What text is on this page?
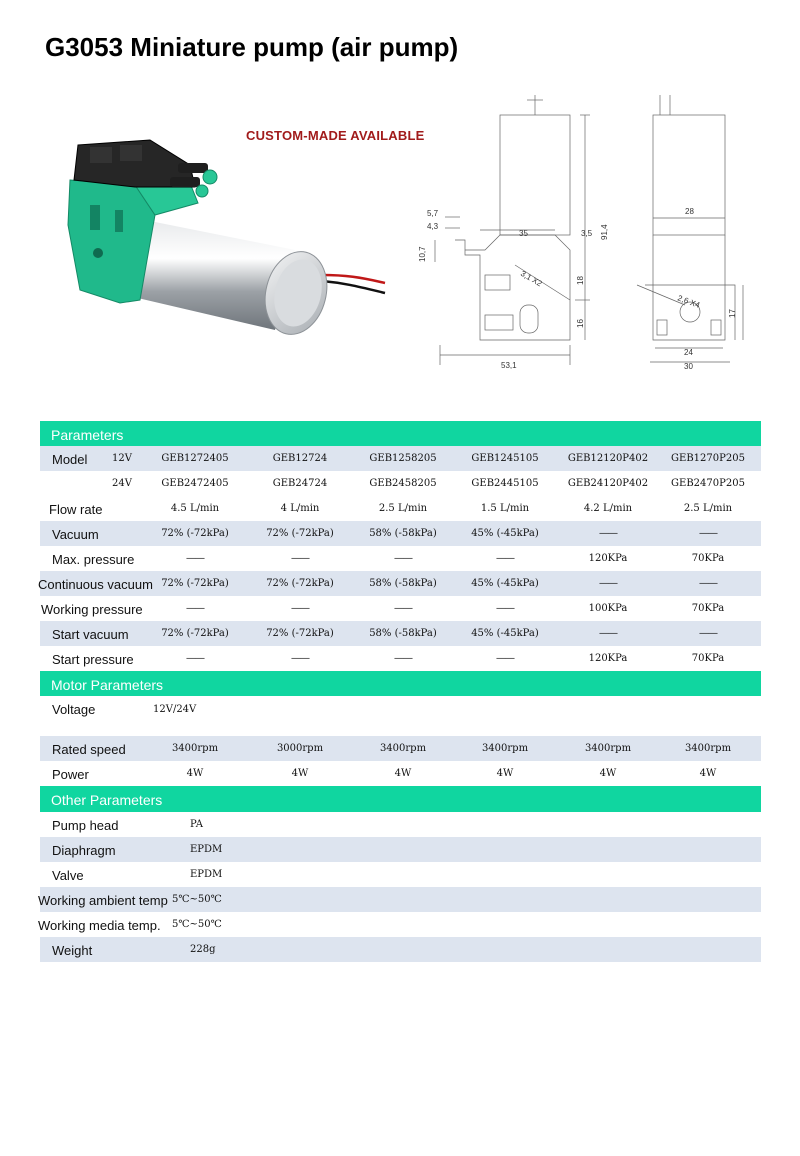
G3053 Miniature pump (air pump)
CUSTOM-MADE AVAILABLE
5,7
4,3
10,7
35	3,5 91,4
3,1 X2	18
16
53,1
28
2,6 X4
17
24
30
Parameters
Model 12V	GEB1272405	GEB12724	GEB1258205	GEB1245105	GEB12120P402	GEB1270P205
24V	GEB2472405	GEB24724	GEB2458205	GEB2445105	GEB24120P402	GEB2470P205
Flow rate	4.5 L/min	4 L/min	2.5 L/min	1.5 L/min	4.2 L/min	2.5 L/min
Vacuum	72% (-72kPa)	72% (-72kPa)	58% (-58kPa)	45% (-45kPa)	——	——
Max. pressure	——	——	——	——	120KPa	70KPa
Continuous vacuum 72% (-72kPa)	72% (-72kPa)	58% (-58kPa)	45% (-45kPa)	——	——
Working pressure	——	——	——	——	100KPa	70KPa
Start vacuum	72% (-72kPa)	72% (-72kPa)	58% (-58kPa)	45% (-45kPa)	——	——
Start pressure	——	——	——	——	120KPa	70KPa
Motor Parameters
Voltage	12V/24V
Rated speed	3400rpm	3000rpm	3400rpm	3400rpm	3400rpm	3400rpm
Power	4W	4W	4W	4W	4W	4W
Other Parameters
Pump head	PA
Diaphragm	EPDM
Valve	EPDM
Working ambient temp 5℃~50℃
Working media temp. 5℃~50℃
Weight	228g
